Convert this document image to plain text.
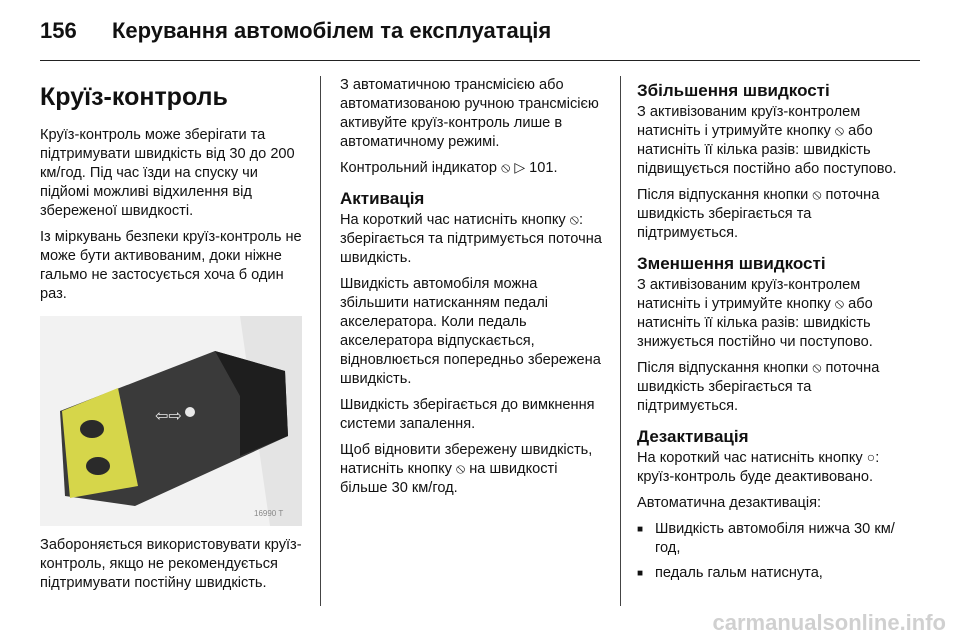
156 Керування автомобілем та експлуатація
Круїз-контроль

Круїз-контроль може зберігати та підтримувати швидкість від 30 до 200 км/год. Під час їзди на спуску чи підйомі можливі відхилення від збереженої швидкості.

Із міркувань безпеки круїз-контроль не може бути активованим, доки ніжне гальмо не застосується хоча б один раз.

⇦⇨
16990 T

Забороняється використовувати круїз-контроль, якщо не рекомендується підтримувати постійну швидкість.

З автоматичною трансмісією або автоматизованою ручною трансмісією активуйте круїз-контроль лише в автоматичному режимі.

Контрольний індикатор ⦸ ▷ 101.

Активація

На короткий час натисніть кнопку ⦸: зберігається та підтримується поточна швидкість.

Швидкість автомобіля можна збільшити натисканням педалі акселератора. Коли педаль акселератора відпускається, відновлюється попередньо збережена швидкість.

Швидкість зберігається до вимкнення системи запалення.

Щоб відновити збережену швидкість, натисніть кнопку ⦸ на швидкості більше 30 км/год.

Збільшення швидкості

З активізованим круїз-контролем натисніть і утримуйте кнопку ⦸ або натисніть її кілька разів: швидкість підвищується постійно або поступово.

Після відпускання кнопки ⦸ поточна швидкість зберігається та підтримується.

Зменшення швидкості

З активізованим круїз-контролем натисніть і утримуйте кнопку ⦸ або натисніть її кілька разів: швидкість знижується постійно чи поступово.

Після відпускання кнопки ⦸ поточна швидкість зберігається та підтримується.

Дезактивація

На короткий час натисніть кнопку ○: круїз-контроль буде деактивовано.

Автоматична дезактивація:

■ Швидкість автомобіля нижча 30 км/год,
■ педаль гальм натиснута,
carmanualsonline.info
